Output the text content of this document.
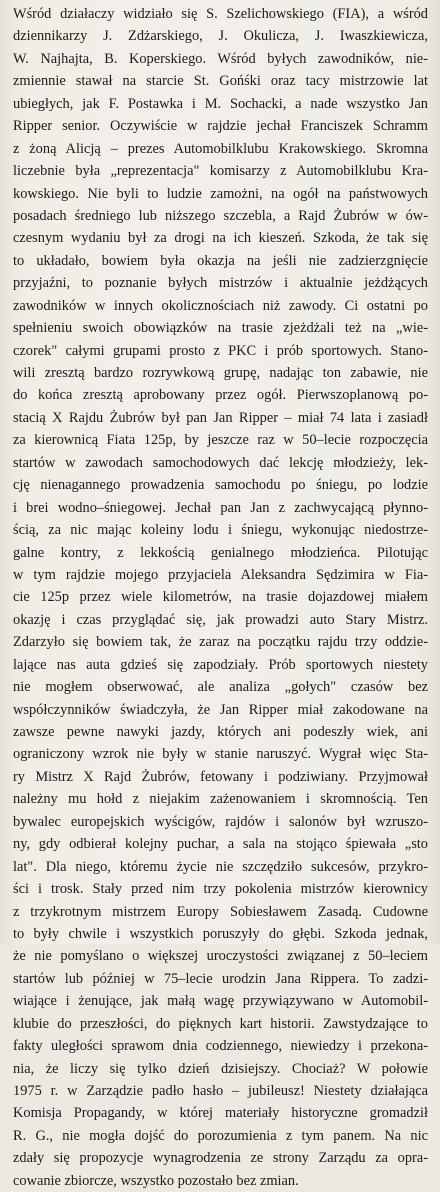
Wśród działaczy widziało się S. Szelichowskiego (FIA), a wśród
dziennikarzy J. Zdżarskiego, J. Okulicza, J. Iwaszkiewicza,
W. Najhajta, B. Koperskiego. Wśród byłych zawodników, nie-
zmiennie stawał na starcie St. Gońśki oraz tacy mistrzowie lat
ubiegłych, jak F. Postawka i M. Sochacki, a nade wszystko Jan
Ripper senior. Oczywiście w rajdzie jechał Franciszek Schramm
z żoną Alicją – prezes Automobilklubu Krakowskiego. Skromna
liczebnie była „reprezentacja" komisarzy z Automobilklubu Kra-
kowskiego. Nie byli to ludzie zamożni, na ogół na państwowych
posadach średniego lub niższego szczebla, a Rajd Żubrów w ów-
czesnym wydaniu był za drogi na ich kieszeń. Szkoda, że tak się
to układało, bowiem była okazja na jeśli nie zadzierzgnięcie
przyjaźni, to poznanie byłych mistrzów i aktualnie jeżdżących
zawodników w innych okolicznościach niż zawody. Ci ostatni po
spełnieniu swoich obowiązków na trasie zjeżdżali też na „wie-
czorek" całymi grupami prosto z PKC i prób sportowych. Stano-
wili zresztą bardzo rozrywkową grupę, nadając ton zabawie, nie
do końca zresztą aprobowany przez ogół. Pierwszoplanową po-
stacią X Rajdu Żubrów był pan Jan Ripper – miał 74 lata i zasiadł
za kierownicą Fiata 125p, by jeszcze raz w 50–lecie rozpoczęcia
startów w zawodach samochodowych dać lekcję młodzieży, lek-
cję nienagannego prowadzenia samochodu po śniegu, po lodzie
i brei wodno–śniegowej. Jechał pan Jan z zachwycającą płynno-
ścią, za nic mając koleiny lodu i śniegu, wykonując niedostrze-
galne kontry, z lekkością genialnego młodzieńca. Pilotując
w tym rajdzie mojego przyjaciela Aleksandra Sędzimira w Fia-
cie 125p przez wiele kilometrów, na trasie dojazdowej miałem
okazję i czas przyglądać się, jak prowadzi auto Stary Mistrz.
Zdarzyło się bowiem tak, że zaraz na początku rajdu trzy oddzie-
lające nas auta gdzieś się zapodziały. Prób sportowych niestety
nie mogłem obserwować, ale analiza „gołych" czasów bez
współczynników świadczyła, że Jan Ripper miał zakodowane na
zawsze pewne nawyki jazdy, których ani podeszły wiek, ani
ograniczony wzrok nie były w stanie naruszyć. Wygrał więc Sta-
ry Mistrz X Rajd Żubrów, fetowany i podziwiany. Przyjmował
należny mu hołd z niejakim zażenowaniem i skromnością. Ten
bywalec europejskich wyścigów, rajdów i salonów był wzruszo-
ny, gdy odbierał kolejny puchar, a sala na stojąco śpiewała „sto
lat". Dla niego, któremu życie nie szczędziło sukcesów, przykro-
ści i trosk. Stały przed nim trzy pokolenia mistrzów kierownicy
z trzykrotnym mistrzem Europy Sobiesławem Zasadą. Cudowne
to były chwile i wszystkich poruszyły do głębi. Szkoda jednak,
że nie pomyślano o większej uroczystości związanej z 50–leciem
startów lub później w 75–lecie urodzin Jana Rippera. To zadzi-
wiające i żenujące, jak małą wagę przywiązywano w Automobil-
klubie do przeszłości, do pięknych kart historii. Zawstydzające to
fakty uległości sprawom dnia codziennego, niewiedzy i przekona-
nia, że liczy się tylko dzień dzisiejszy. Chociaż? W połowie
1975 r. w Zarządzie padło hasło – jubileusz! Niestety działająca
Komisja Propagandy, w której materiały historyczne gromadził
R. G., nie mogła dojść do porozumienia z tym panem. Na nic
zdały się propozycje wynagrodzenia ze strony Zarządu za opra-
cowanie zbiorcze, wszystko pozostało bez zmian.
